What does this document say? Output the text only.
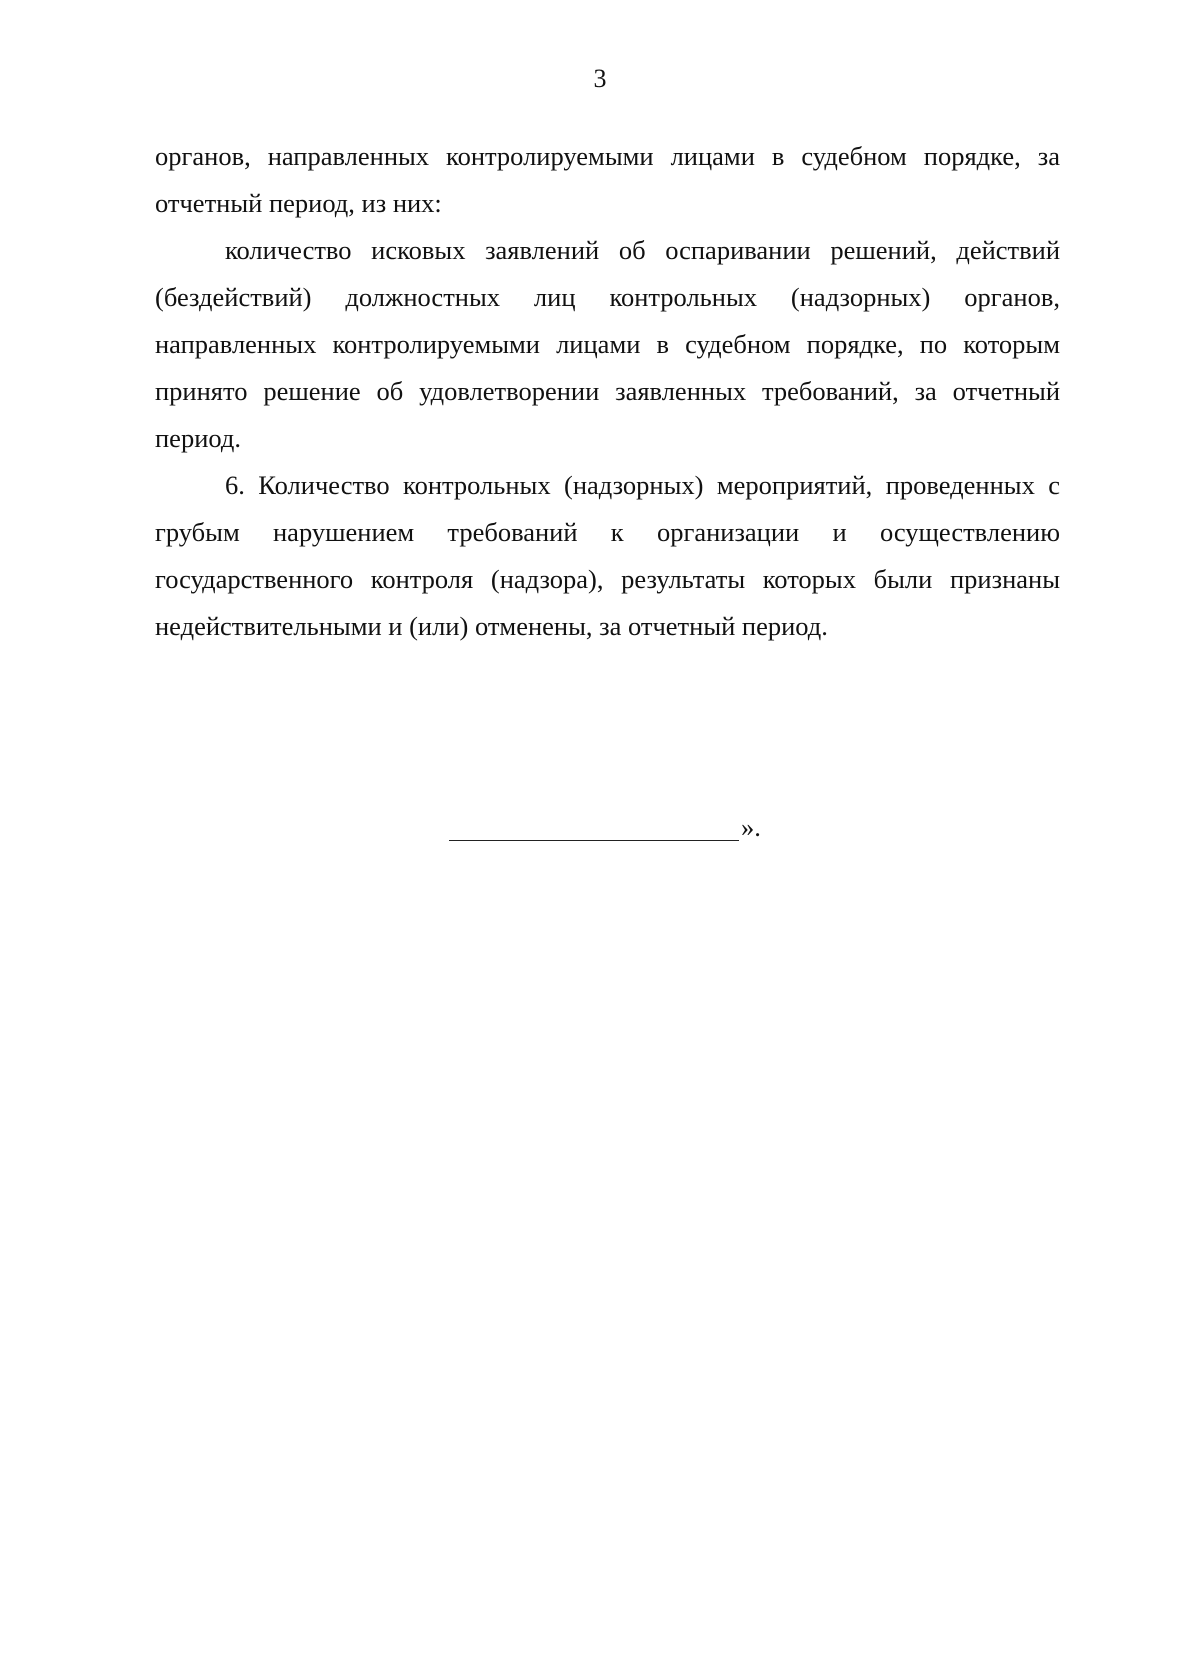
3

органов, направленных контролируемыми лицами в судебном порядке, за отчетный период, из них:

количество исковых заявлений об оспаривании решений, действий (бездействий) должностных лиц контрольных (надзорных) органов, направленных контролируемыми лицами в судебном порядке, по которым принято решение об удовлетворении заявленных требований, за отчетный период.

6. Количество контрольных (надзорных) мероприятий, проведенных с грубым нарушением требований к организации и осуществлению государственного контроля (надзора), результаты которых были признаны недействительными и (или) отменены, за отчетный период.

».
